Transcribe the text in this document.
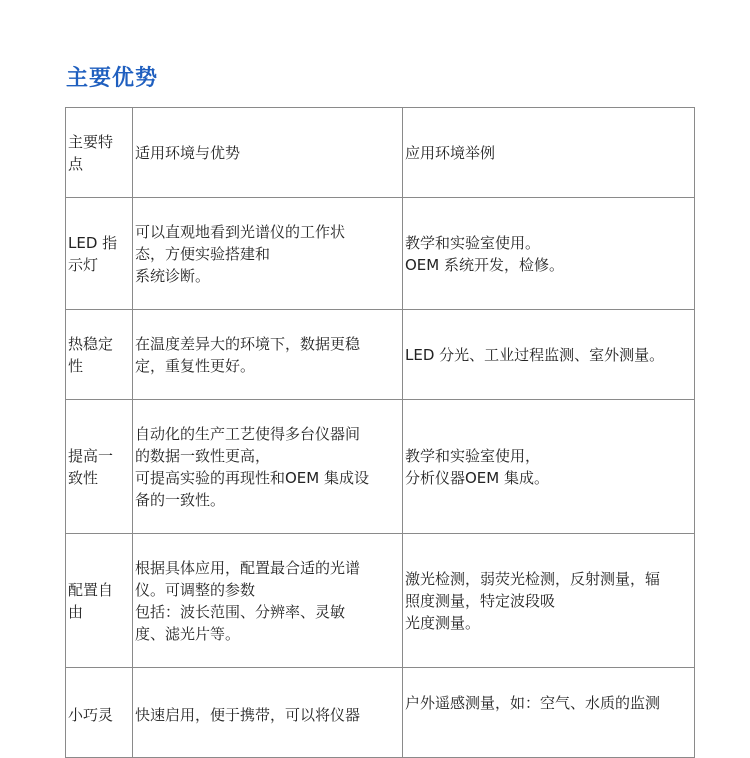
主要优势
主要特
点	适用环境与优势	应用环境举例

LED 指
示灯	可以直观地看到光谱仪的工作状
态，方便实验搭建和
系统诊断。	教学和实验室使用。
OEM 系统开发，检修。

热稳定
性	在温度差异大的环境下，数据更稳
定，重复性更好。	LED 分光、工业过程监测、室外测量。

提高一
致性	自动化的生产工艺使得多台仪器间
的数据一致性更高，
可提高实验的再现性和OEM 集成设
备的一致性。	教学和实验室使用，
分析仪器OEM 集成。

配置自
由	根据具体应用，配置最合适的光谱
仪。可调整的参数
包括：波长范围、分辨率、灵敏
度、滤光片等。	激光检测，弱荧光检测，反射测量，辐
照度测量，特定波段吸
光度测量。

小巧灵	快速启用，便于携带，可以将仪器	户外遥感测量，如：空气、水质的监测
